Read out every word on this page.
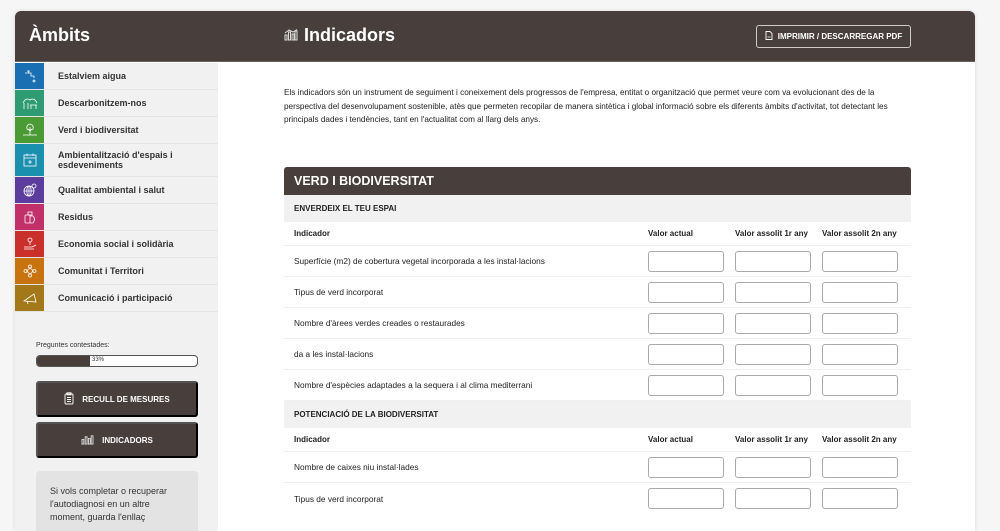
Àmbits	Indicadors	IMPRIMIR / DESCARREGAR PDF
Estalviem aigua
Descarbonitzem-nos
Verd i biodiversitat
Ambientalització d'espais i esdeveniments
Qualitat ambiental i salut
Residus
Economia social i solidària
Comunitat i Territori
Comunicació i participació
Preguntes contestades:
33%
RECULL DE MESURES
INDICADORS
Si vols completar o recuperar l'autodiagnosi en un altre moment, guarda l'enllaç
Els indicadors són un instrument de seguiment i coneixement dels progressos de l'empresa, entitat o organització que permet veure com va evolucionant des de la perspectiva del desenvolupament sostenible, atès que permeten recopilar de manera sintètica i global informació sobre els diferents àmbits d'activitat, tot detectant les principals dades i tendències, tant en l'actualitat com al llarg dels anys.
VERD I BIODIVERSITAT
ENVERDEIX EL TEU ESPAI
Indicador	Valor actual	Valor assolit 1r any	Valor assolit 2n any
Superfície (m2) de cobertura vegetal incorporada a les instal·lacions
Tipus de verd incorporat
Nombre d'àrees verdes creades o restaurades
da a les instal·lacions
Nombre d'espècies adaptades a la sequera i al clima mediterrani
POTENCIACIÓ DE LA BIODIVERSITAT
Indicador	Valor actual	Valor assolit 1r any	Valor assolit 2n any
Nombre de caixes niu instal·lades
Tipus de verd incorporat
